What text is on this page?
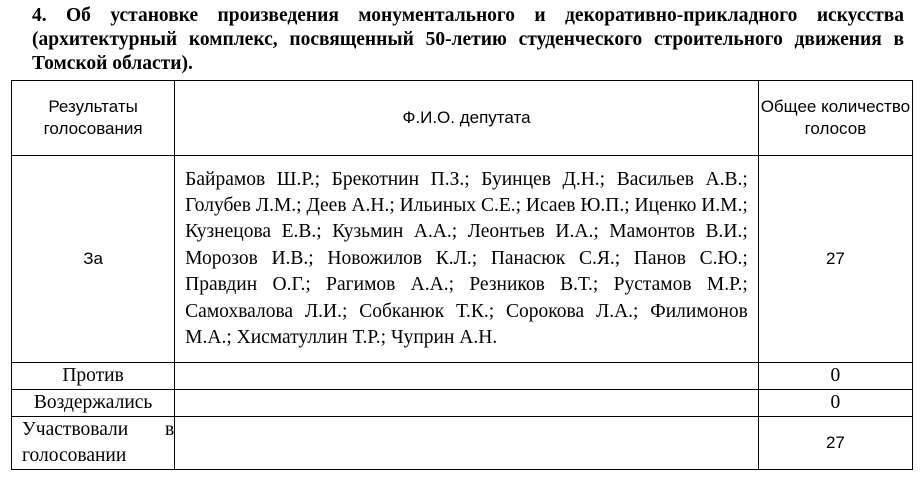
4. Об установке произведения монументального и декоративно-прикладного искусства (архитектурный комплекс, посвященный 50-летию студенческого строительного движения в Томской области).
Результаты голосования	Ф.И.О. депутата	Общее количество голосов
За	Байрамов Ш.Р.; Брекотнин П.З.; Буинцев Д.Н.; Васильев А.В.; Голубев Л.М.; Деев А.Н.; Ильиных С.Е.; Исаев Ю.П.; Иценко И.М.; Кузнецова Е.В.; Кузьмин А.А.; Леонтьев И.А.; Мамонтов В.И.; Морозов И.В.; Новожилов К.Л.; Панасюк С.Я.; Панов С.Ю.; Правдин О.Г.; Рагимов А.А.; Резников В.Т.; Рустамов М.Р.; Самохвалова Л.И.; Собканюк Т.К.; Сорокова Л.А.; Филимонов М.А.; Хисматуллин Т.Р.; Чуприн А.Н.	27
Против		0
Воздержались		0
Участвовали в голосовании		27
